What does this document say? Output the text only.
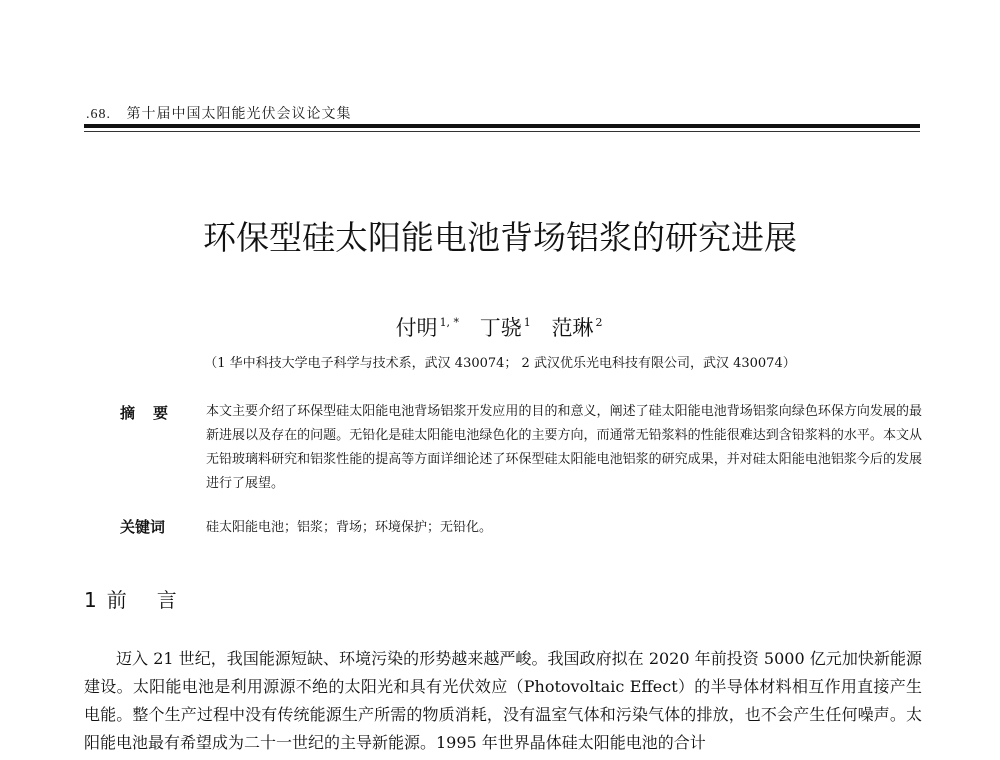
.68. 第十届中国太阳能光伏会议论文集
环保型硅太阳能电池背场铝浆的研究进展
付明 $^{1, *}$ 丁骁 $^1$ 范琳 $^2$
（1 华中科技大学电子科学与技术系，武汉 430074； 2 武汉优乐光电科技有限公司，武汉 430074）
摘要 本文主要介绍了环保型硅太阳能电池背场铝浆开发应用的目的和意义，阐述了硅太阳能电池背场铝浆向绿色环保方向发展的最新进展以及存在的问题。无铅化是硅太阳能电池绿色化的主要方向，而通常无铅浆料的性能很难达到含铅浆料的水平。本文从无铅玻璃料研究和铝浆性能的提高等方面详细论述了环保型硅太阳能电池铝浆的研究成果，并对硅太阳能电池铝浆今后的发展进行了展望。

关键词	硅太阳能电池；铝浆；背场；环境保护；无铅化。
1 前 言

迈入 21 世纪，我国能源短缺、环境污染的形势越来越严峻。我国政府拟在 2020 年前投资 5000 亿元加快新能源建设。太阳能电池是利用源源不绝的太阳光和具有光伏效应（Photovoltaic Effect）的半导体材料相互作用直接产生电能。整个生产过程中没有传统能源生产所需的物质消耗，没有温室气体和污染气体的排放，也不会产生任何噪声。太阳能电池最有希望成为二十一世纪的主导新能源。1995 年世界晶体硅太阳能电池的合计
